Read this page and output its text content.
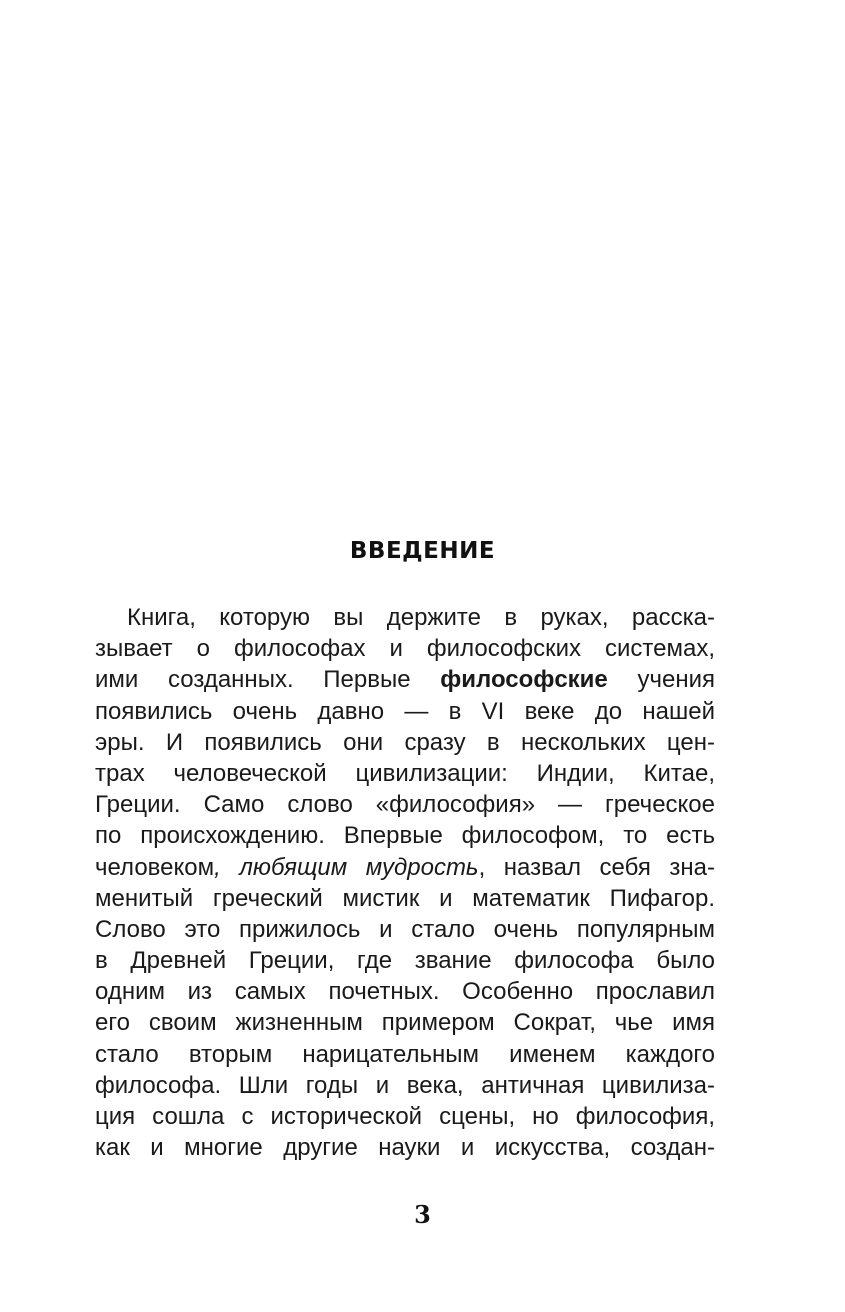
ВВЕДЕНИЕ
Книга, которую вы держите в руках, расска-
зывает о философах и философских системах,
ими созданных. Первые философские учения
появились очень давно — в VI веке до нашей
эры. И появились они сразу в нескольких цен-
трах человеческой цивилизации: Индии, Китае,
Греции. Само слово «философия» — греческое
по происхождению. Впервые философом, то есть
человеком, любящим мудрость, назвал себя зна-
менитый греческий мистик и математик Пифагор.
Слово это прижилось и стало очень популярным
в Древней Греции, где звание философа было
одним из самых почетных. Особенно прославил
его своим жизненным примером Сократ, чье имя
стало вторым нарицательным именем каждого
философа. Шли годы и века, античная цивилиза-
ция сошла с исторической сцены, но философия,
как и многие другие науки и искусства, создан-
3
